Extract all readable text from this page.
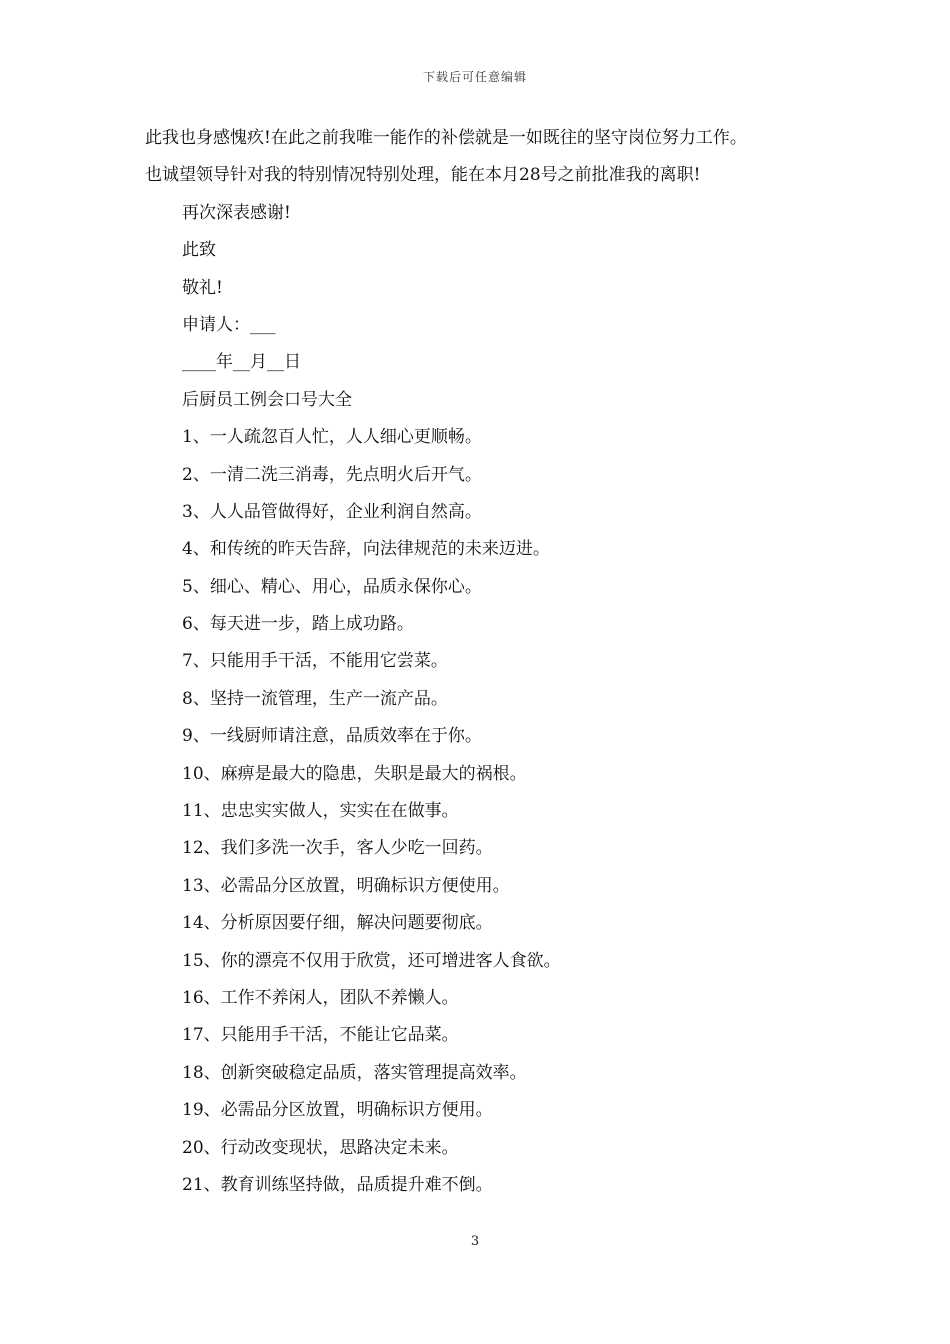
下载后可任意编辑
此我也身感愧疚!在此之前我唯一能作的补偿就是一如既往的坚守岗位努力工作。
也诚望领导针对我的特别情况特别处理，能在本月28号之前批准我的离职!
再次深表感谢!
此致
敬礼!
申请人：___
____年__月__日
后厨员工例会口号大全
1、一人疏忽百人忙，人人细心更顺畅。
2、一清二洗三消毒，先点明火后开气。
3、人人品管做得好，企业利润自然高。
4、和传统的昨天告辞，向法律规范的未来迈进。
5、细心、精心、用心，品质永保你心。
6、每天进一步，踏上成功路。
7、只能用手干活，不能用它尝菜。
8、坚持一流管理，生产一流产品。
9、一线厨师请注意，品质效率在于你。
10、麻痹是最大的隐患，失职是最大的祸根。
11、忠忠实实做人，实实在在做事。
12、我们多洗一次手，客人少吃一回药。
13、必需品分区放置，明确标识方便使用。
14、分析原因要仔细，解决问题要彻底。
15、你的漂亮不仅用于欣赏，还可增进客人食欲。
16、工作不养闲人，团队不养懒人。
17、只能用手干活，不能让它品菜。
18、创新突破稳定品质，落实管理提高效率。
19、必需品分区放置，明确标识方便用。
20、行动改变现状，思路决定未来。
21、教育训练坚持做，品质提升难不倒。
3
